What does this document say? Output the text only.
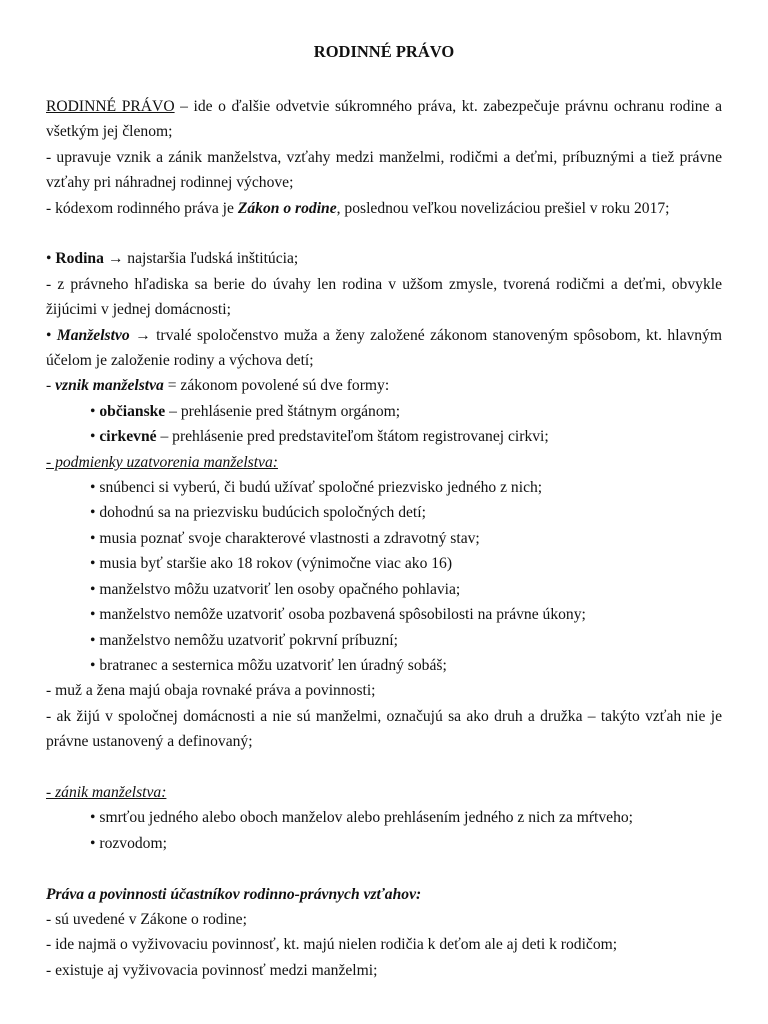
RODINNÉ PRÁVO
RODINNÉ PRÁVO – ide o ďalšie odvetvie súkromného práva, kt. zabezpečuje právnu ochranu rodine a všetkým jej členom;
- upravuje vznik a zánik manželstva, vzťahy medzi manželmi, rodičmi a deťmi, príbuznými a tiež právne vzťahy pri náhradnej rodinnej výchove;
- kódexom rodinného práva je Zákon o rodine, poslednou veľkou novelizáciou prešiel v roku 2017;
• Rodina → najstaršia ľudská inštitúcia;
- z právneho hľadiska sa berie do úvahy len rodina v užšom zmysle, tvorená rodičmi a deťmi, obvykle žijúcimi v jednej domácnosti;
• Manželstvo → trvalé spoločenstvo muža a ženy založené zákonom stanoveným spôsobom, kt. hlavným účelom je založenie rodiny a výchova detí;
- vznik manželstva = zákonom povolené sú dve formy:
• občianske – prehlásenie pred štátnym orgánom;
• cirkevné – prehlásenie pred predstaviteľom štátom registrovanej cirkvi;
- podmienky uzatvorenia manželstva:
• snúbenci si vyberú, či budú užívať spoločné priezvisko jedného z nich;
• dohodnú sa na priezvisku budúcich spoločných detí;
• musia poznať svoje charakterové vlastnosti a zdravotný stav;
• musia byť staršie ako 18 rokov (výnimočne viac ako 16)
• manželstvo môžu uzatvoriť len osoby opačného pohlavia;
• manželstvo nemôže uzatvoriť osoba pozbavená spôsobilosti na právne úkony;
• manželstvo nemôžu uzatvoriť pokrvní príbuzní;
• bratranec a sesternica môžu uzatvoriť len úradný sobáš;
- muž a žena majú obaja rovnaké práva a povinnosti;
- ak žijú v spoločnej domácnosti a nie sú manželmi, označujú sa ako druh a družka – takýto vzťah nie je právne ustanovený a definovaný;
- zánik manželstva:
• smrťou jedného alebo oboch manželov alebo prehlásením jedného z nich za mŕtveho;
• rozvodom;
Práva a povinnosti účastníkov rodinno-právnych vzťahov:
- sú uvedené v Zákone o rodine;
- ide najmä o vyživovaciu povinnosť, kt. majú nielen rodičia k deťom ale aj deti k rodičom;
- existuje aj vyživovacia povinnosť medzi manželmi;
